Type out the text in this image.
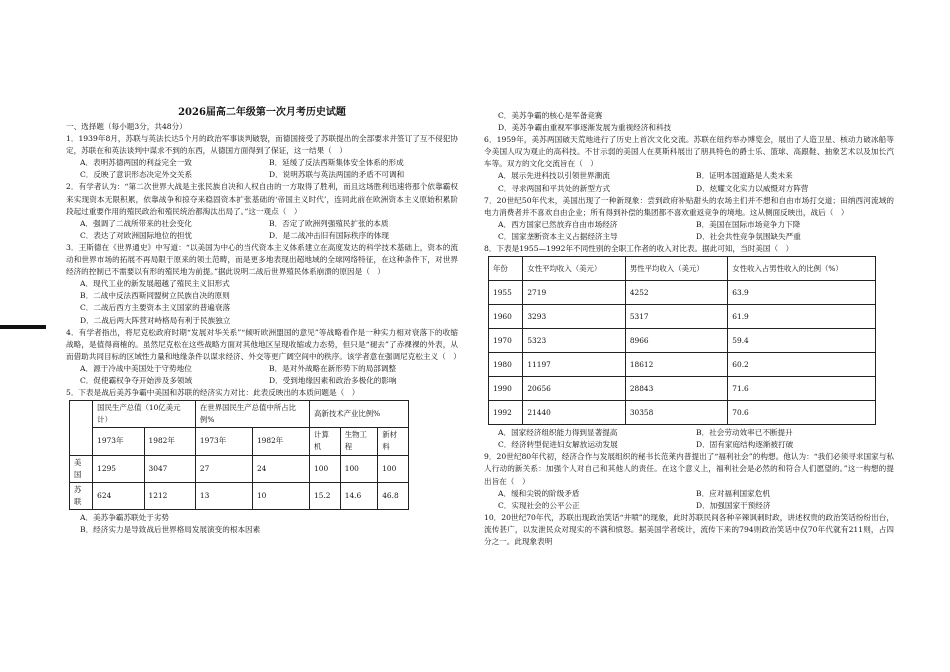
2026届高二年级第一次月考历史试题
一、选择题（每小题3分，共48分）
1．1939年8月，苏联与英法长达5个月的政治军事谈判破裂，而德国接受了苏联提出的全部要求并签订了互不侵犯协定，苏联在和英法谈判中谋求不到的东西，从德国方面得到了保证，这一结果（　）
A．表明苏德两国的利益完全一致	B．延缓了反法西斯集体安全体系的形成
C．反映了意识形态决定外交关系	D．说明苏联与英法两国的矛盾不可调和
2．有学者认为：“第二次世界大战是主张民族自决和人权自由的一方取得了胜利，而且这场胜利迅速将那个依靠霸权来实现资本无限积累，依靠战争和掠夺来稳固资本扩张基础的‘帝国主义时代’，连同此前在欧洲资本主义原始积累阶段起过重要作用的殖民政治和殖民统治都淘汰出局了。”这一观点（　）
A．强调了二战所带来的社会变化	B．否定了欧洲列强殖民扩张的本质
C．表达了对欧洲国际地位的担忧	D．是二战冲击旧有国际秩序的体现
3．王斯德在《世界通史》中写道：“以美国为中心的当代资本主义体系建立在高度发达的科学技术基础上，资本的流动和世界市场的拓展不再局限于原来的领土范畴，而是更多地表现出超地域的全球网络特征，在这种条件下，对世界经济的控制已不需要以有形的殖民地为前提。”据此说明二战后世界殖民体系崩溃的原因是（　）
A．现代工业的新发展超越了殖民主义旧形式
B．二战中反法西斯同盟树立民族自决的原则
C．二战后西方主要资本主义国家的普遍衰落
D．二战后两大阵营对峙格局有利于民族独立
4．有学者指出，将尼克松政府时期“发展对华关系”“倾听欧洲盟国的意见”等战略看作是一种实力相对衰落下的收缩战略，是值得商榷的。虽然尼克松在这些战略方面对其他地区呈现收缩或力态势，但只是“褪去”了赤裸裸的外表，从而借助共同目标的区域性力量和地缘条件以谋求经济、外交等更广阔空间中的秩序。该学者意在强调尼克松主义（　）
A．源于冷战中美国处于守势地位	B．是对外战略在新形势下的局部调整
C．促使霸权争夺开始涉及多领域	D．受到地缘因素和政治多极化的影响
5．下表是战后美苏争霸中美国和苏联的经济实力对比：此表反映出的本质问题是（　）
	国民生产总值（10亿美元计）		在世界国民生产总值中所占比例%		高新技术产业比例%		
	1973年	1982年	1973年	1982年	计算机	生物工程	新材料
美国	1295	3047	27	24	100	100	100
苏联	624	1212	13	10	15.2	14.6	46.8
A．美苏争霸苏联处于劣势
B．经济实力是导致战后世界格局发展演变的根本因素
C．美苏争霸的核心是军备竞赛
D．美苏争霸由重视军事逐渐发展为重视经济和科技
6．1959年，美苏两国破天荒地进行了历史上首次文化交流。苏联在纽约举办博览会，展出了人造卫星、核动力破冰船等令美国人叹为观止的高科技。不甘示弱的美国人在莫斯科展出了朋具特色的爵士乐、篮球、高跟鞋、抽象艺术以及加长汽车等。双方的文化交流旨在（　）
A．展示先进科技以引领世界潮流	B．证明本国道路是人类未来
C．寻求两国和平共处的新型方式	D．炫耀文化实力以威慑对方阵营
7．20世纪50年代末，美国出现了一种新现象：尝到政府补贴甜头的农场主们并不想和自由市场打交道；田纳西河流域的电力消费者并不喜欢自由企业；所有得到补偿的集团都不喜欢重返竞争的境地。这从侧面反映出，战后（　）
A．西方国家已然放弃自由市场经济	B．美国在国际市场竞争力下降
C．国家垄断资本主义占据经济主导	D．社会共性竞争氛围缺失严重
8．下表是1955—1992年不同性别的全职工作者的收入对比表。据此可知，当时美国（　）
年份	女性平均收入（美元）	男性平均收入（美元）	女性收入占男性收入的比例（%）
1955	2719	4252	63.9
1960	3293	5317	61.9
1970	5323	8966	59.4
1980	11197	18612	60.2
1990	20656	28843	71.6
1992	21440	30358	70.6
A．国家经济组织能力得到显著提高	B．社会劳动效率已不断提升
C．经济转型促进妇女解放运动发展	D．固有家庭结构逐渐被打破
9．20世纪80年代初，经济合作与发展组织的秘书长范莱内普提出了“福利社会”的构想。他认为：“我们必须寻求国家与私人行动的新关系：加强个人对自己和其他人的责任。在这个意义上，福利社会是必然的和符合人们愿望的。”这一构想的提出旨在（　）
A．缓和尖锐的阶级矛盾	B．应对福利国家危机
C．实现社会的公平公正	D．加强国家干预经济
10．20世纪70年代，苏联出现政治笑话“井喷”的现象，此时苏联民间各种辛辣讽刺时政，讲述权贵的政治笑话纷纷出台，流传甚广，以发泄民众对现实的不满和愤怒。据美国学者统计，流传下来的794则政治笑话中仅70年代就有211则，占四分之一。此现象表明
